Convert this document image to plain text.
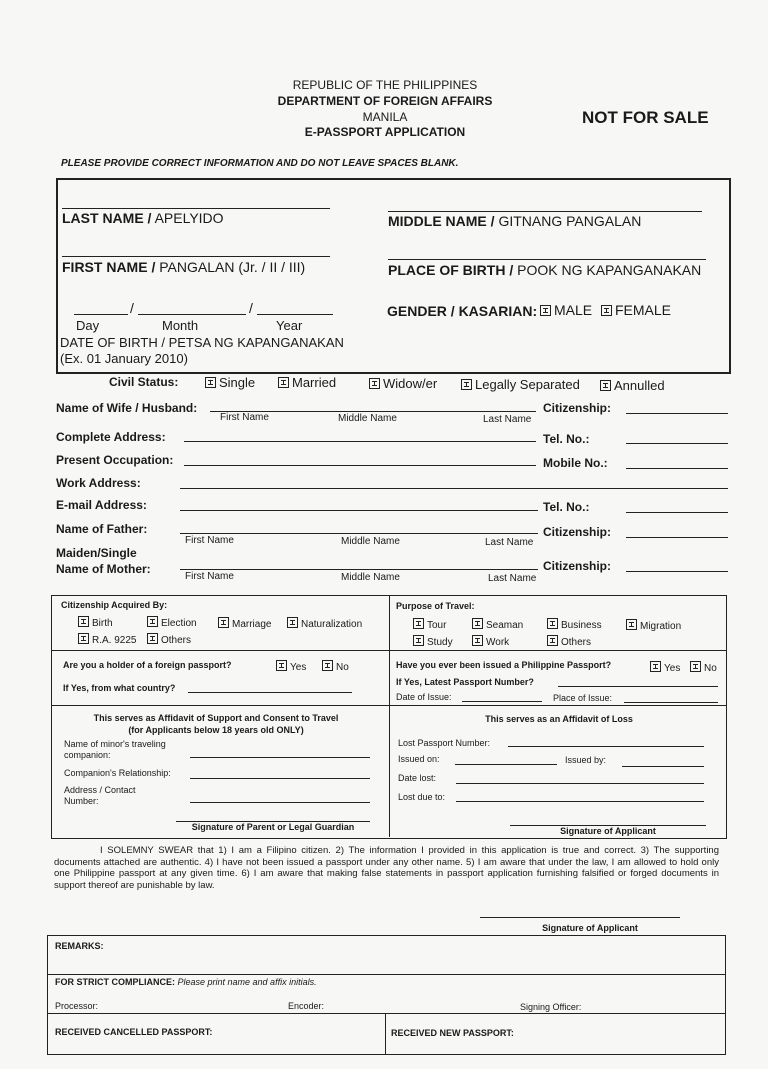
REPUBLIC OF THE PHILIPPINES
DEPARTMENT OF FOREIGN AFFAIRS
MANILA
E-PASSPORT APPLICATION
NOT FOR SALE
PLEASE PROVIDE CORRECT INFORMATION AND DO NOT LEAVE SPACES BLANK.
LAST NAME / APELYIDO	MIDDLE NAME / GITNANG PANGALAN
FIRST NAME / PANGALAN (Jr. / II / III)	PLACE OF BIRTH / POOK NG KAPANGANAKAN
/	/	GENDER / KASARIAN:	MALE	FEMALE
Day	Month	Year
DATE OF BIRTH / PETSA NG KAPANGANAKAN
(Ex. 01 January 2010)
Civil Status:	Single	Married	Widow/er	Legally Separated	Annulled
Name of Wife / Husband:
First Name	Middle Name	Last Name
Citizenship:
Complete Address:	Tel. No.:
Present Occupation:	Mobile No.:
Work Address:
E-mail Address:	Tel. No.:
Name of Father:
First Name	Middle Name	Last Name
Citizenship:
Maiden/Single
Name of Mother:
First Name	Middle Name	Last Name
Citizenship:
Citizenship Acquired By:
Birth	Election	Marriage	Naturalization
R.A. 9225	Others
Purpose of Travel:
Tour	Seaman	Business	Migration
Study	Work	Others
Are you a holder of a foreign passport?	Yes	No
If Yes, from what country?
Have you ever been issued a Philippine Passport?	Yes	No
If Yes, Latest Passport Number?
Date of Issue:	Place of Issue:
This serves as Affidavit of Support and Consent to Travel
(for Applicants below 18 years old ONLY)
Name of minor's traveling
companion:
Companion's Relationship:
Address / Contact
Number:
Signature of Parent or Legal Guardian
This serves as an Affidavit of Loss
Lost Passport Number:
Issued on:	Issued by:
Date lost:
Lost due to:
Signature of Applicant
I SOLEMNY SWEAR that 1) I am a Filipino citizen. 2) The information I provided in this application is true and correct. 3) The supporting documents attached are authentic. 4) I have not been issued a passport under any other name. 5) I am aware that under the law, I am allowed to hold only one Philippine passport at any given time. 6) I am aware that making false statements in passport application furnishing falsified or forged documents in support thereof are punishable by law.
Signature of Applicant
REMARKS:
FOR STRICT COMPLIANCE: Please print name and affix initials.
Processor:	Encoder:	Signing Officer:
RECEIVED CANCELLED PASSPORT:	RECEIVED NEW PASSPORT:
